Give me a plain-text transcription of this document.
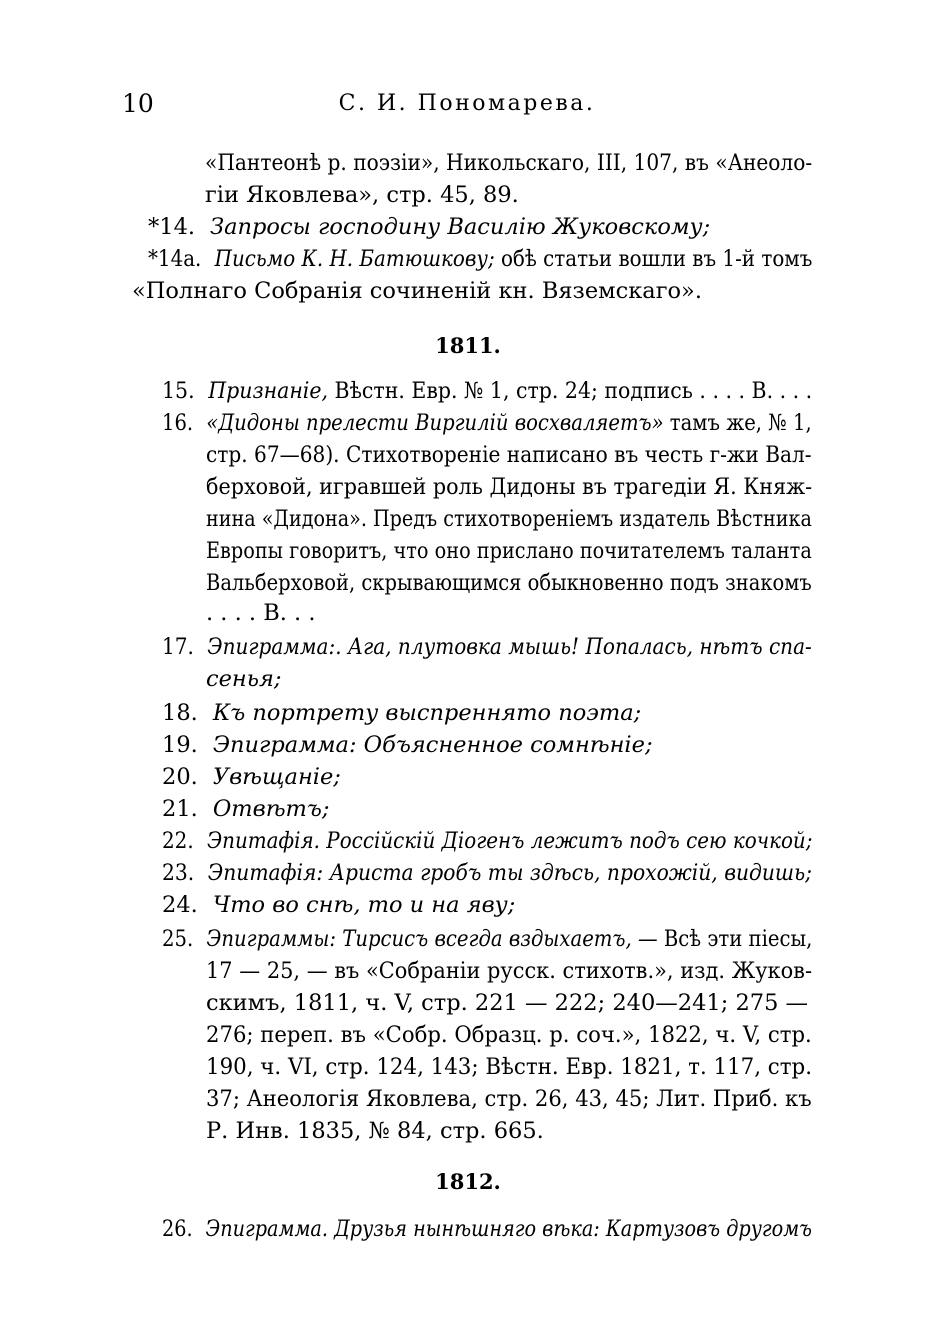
10	С. И. Пономарева.
«Пантеонѣ р. поэзіи», Никольскаго, III, 107, въ «Анеоло-
гіи Яковлева», стр. 45, 89.
*14. Запросы господину Василію Жуковскому;
*14а. Письмо К. Н. Батюшкову; обѣ статьи вошли въ 1-й томъ
«Полнаго Собранія сочиненій кн. Вяземскаго».
1811.
15. Признаніе, Вѣстн. Евр. № 1, стр. 24; подпись . . . . В. . . .
16. «Дидоны прелести Виргилій восхваляетъ» тамъ же, № 1,
стр. 67—68). Стихотвореніе написано въ честь г-жи Вал-
берховой, игравшей роль Дидоны въ трагедіи Я. Княж-
нина «Дидона». Предъ стихотвореніемъ издатель Вѣстника
Европы говоритъ, что оно прислано почитателемъ таланта
Вальберховой, скрывающимся обыкновенно подъ знакомъ
. . . . В. . .
17. Эпиграмма:. Ага, плутовка мышь! Попалась, нѣтъ спа-
сенья;
18. Къ портрету выспреннято поэта;
19. Эпиграмма: Объясненное сомнѣніе;
20. Увѣщаніе;
21. Отвѣтъ;
22. Эпитафія. Россійскій Діогенъ лежитъ подъ сею кочкой;
23. Эпитафія: Ариста гробъ ты здѣсь, прохожій, видишь;
24. Что во снѣ, то и на яву;
25. Эпиграммы: Тирсисъ всегда вздыхаетъ, — Всѣ эти піесы,
17 — 25, — въ «Собраніи русск. стихотв.», изд. Жуков-
скимъ, 1811, ч. V, стр. 221 — 222; 240—241; 275 —
276; переп. въ «Собр. Образц. р. соч.», 1822, ч. V, стр.
190, ч. VI, стр. 124, 143; Вѣстн. Евр. 1821, т. 117, стр.
37; Анеологія Яковлева, стр. 26, 43, 45; Лит. Приб. къ
Р. Инв. 1835, № 84, стр. 665.
1812.
26. Эпиграмма. Друзья нынѣшняго вѣка: Картузовъ другомъ
